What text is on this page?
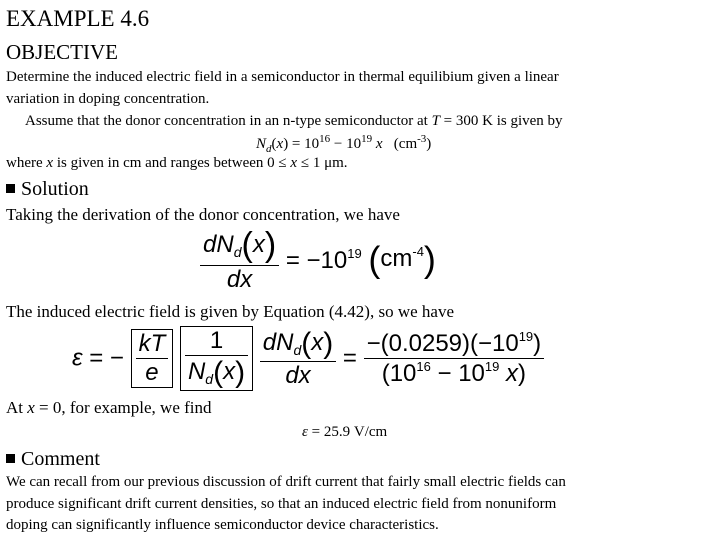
EXAMPLE 4.6
OBJECTIVE
Determine the induced electric field in a semiconductor in thermal equilibium given a linear
variation in doping concentration.
Assume that the donor concentration in an n-type semiconductor at T = 300 K is given by
$N_d(x) = 10^{16} - 10^{19}$ x   $(cm^{-3})$
where x is given in cm and ranges between 0 ≤ x ≤ 1 μm.
Solution
Taking the derivation of the donor concentration, we have
$\frac{dN_d(x)}{dx} = -10^{19}$ $(cm^{-4})$
The induced electric field is given by Equation (4.42), so we have
ε = − $\frac{kT}{e}$
$\frac{1}{N_d(x)}$
$\frac{dN_d(x)}{dx} = \frac{-(0.0259)(-10^{19})}{(10^{16} - 10^{19} x)}$
At x = 0, for example, we find
ε = 25.9 V/cm
Comment
We can recall from our previous discussion of drift current that fairly small electric fields can
produce significant drift current densities, so that an induced electric field from nonuniform
doping can significantly influence semiconductor device characteristics.
